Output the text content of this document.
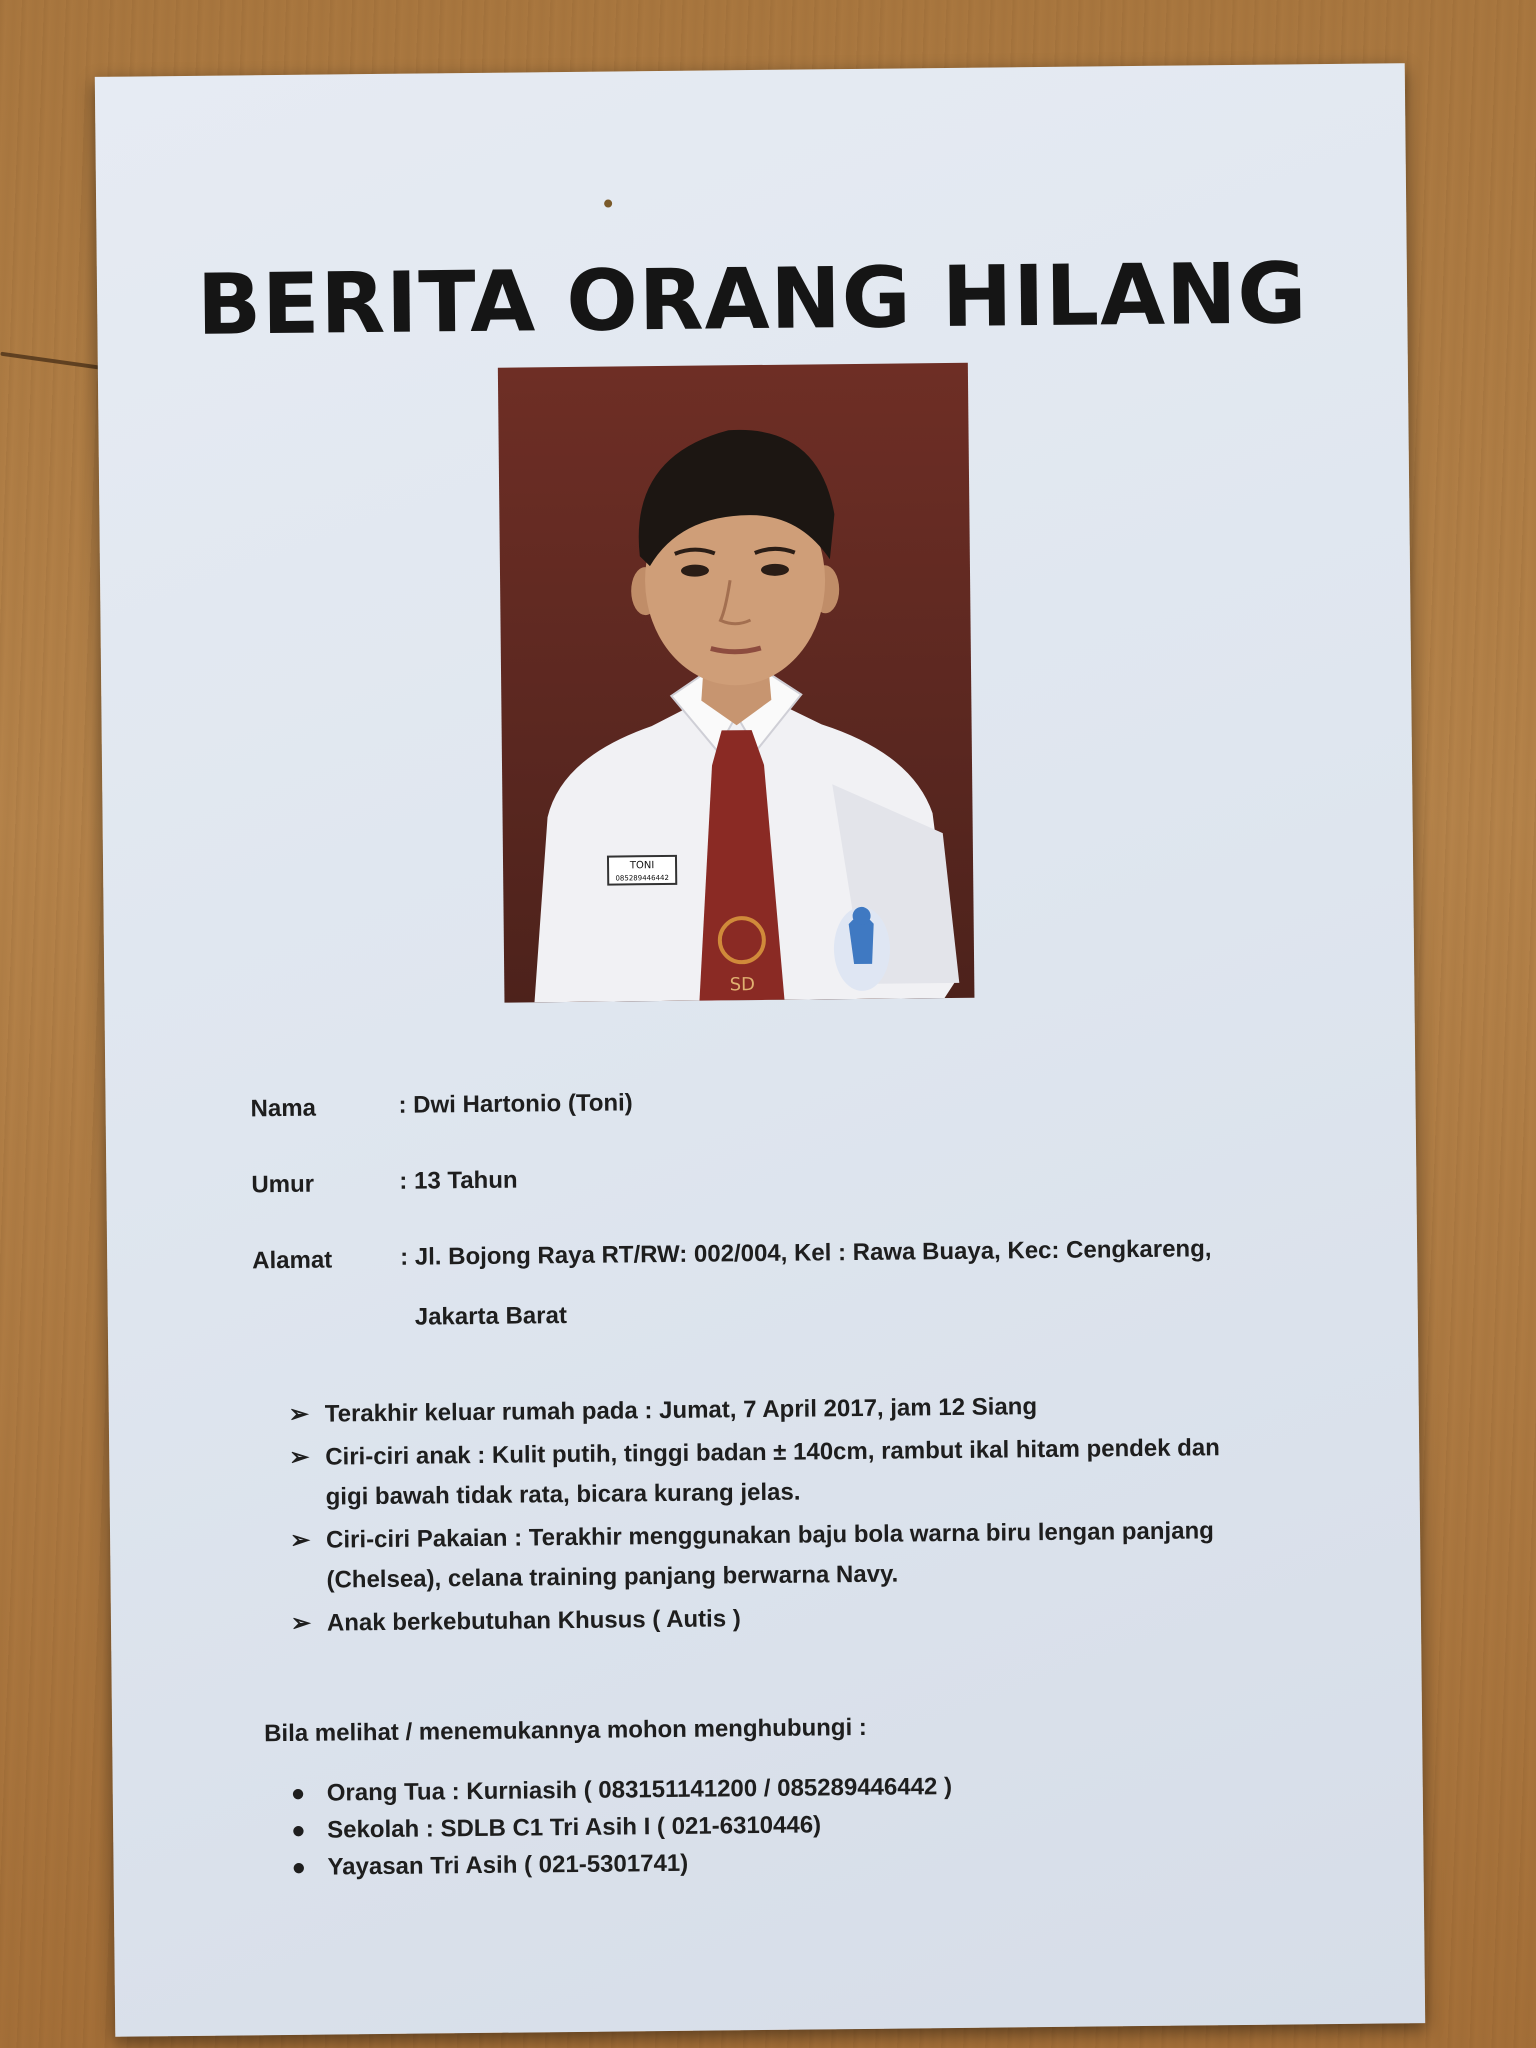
BERITA ORANG HILANG
SD
TONI
085289446442
Nama	: Dwi Hartonio (Toni)
Umur	: 13 Tahun
Alamat	: Jl. Bojong Raya RT/RW: 002/004, Kel : Rawa Buaya, Kec: Cengkareng,
Jakarta Barat
➢ Terakhir keluar rumah pada : Jumat, 7 April 2017, jam 12 Siang
➢ Ciri-ciri anak : Kulit putih, tinggi badan ± 140cm, rambut ikal hitam pendek dan
gigi bawah tidak rata, bicara kurang jelas.
➢ Ciri-ciri Pakaian : Terakhir menggunakan baju bola warna biru lengan panjang
(Chelsea), celana training panjang berwarna Navy.
➢ Anak berkebutuhan Khusus ( Autis )
Bila melihat / menemukannya mohon menghubungi :
● Orang Tua : Kurniasih ( 083151141200 / 085289446442 )
● Sekolah : SDLB C1 Tri Asih I ( 021-6310446)
● Yayasan Tri Asih ( 021-5301741)
